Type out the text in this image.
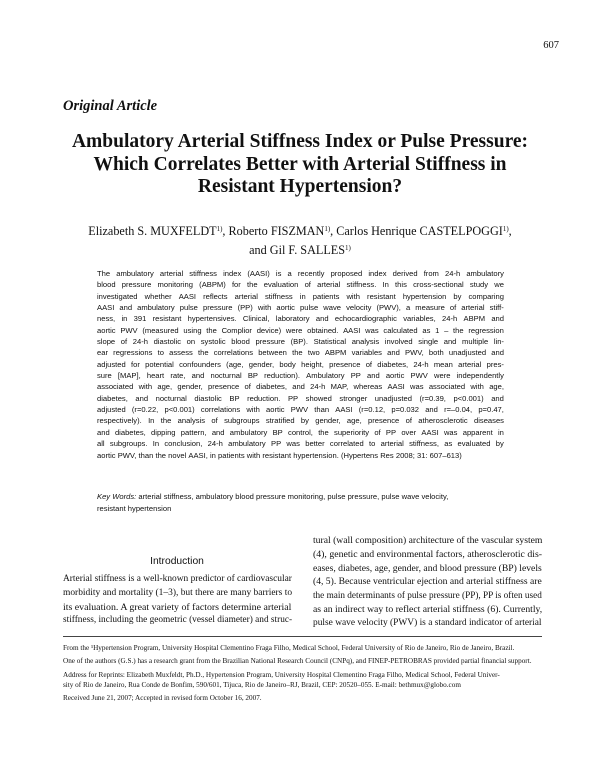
607
Original Article
Ambulatory Arterial Stiffness Index or Pulse Pressure:
Which Correlates Better with Arterial Stiffness in
Resistant Hypertension?
Elizabeth S. MUXFELDT$^{1)}$, Roberto FISZMAN$^{1)}$, Carlos Henrique CASTELPOGGI$^{1)}$,
and Gil F. SALLES$^{1)}$
The ambulatory arterial stiffness index (AASI) is a recently proposed index derived from 24-h ambulatory
blood pressure monitoring (ABPM) for the evaluation of arterial stiffness. In this cross-sectional study we
investigated whether AASI reflects arterial stiffness in patients with resistant hypertension by comparing
AASI and ambulatory pulse pressure (PP) with aortic pulse wave velocity (PWV), a measure of arterial stiff-
ness, in 391 resistant hypertensives. Clinical, laboratory and echocardiographic variables, 24-h ABPM and
aortic PWV (measured using the Complior device) were obtained. AASI was calculated as 1 – the regression
slope of 24-h diastolic on systolic blood pressure (BP). Statistical analysis involved single and multiple lin-
ear regressions to assess the correlations between the two ABPM variables and PWV, both unadjusted and
adjusted for potential confounders (age, gender, body height, presence of diabetes, 24-h mean arterial pres-
sure [MAP], heart rate, and nocturnal BP reduction). Ambulatory PP and aortic PWV were independently
associated with age, gender, presence of diabetes, and 24-h MAP, whereas AASI was associated with age,
diabetes, and nocturnal diastolic BP reduction. PP showed stronger unadjusted (r=0.39, p<0.001) and
adjusted (r=0.22, p<0.001) correlations with aortic PWV than AASI (r=0.12, p=0.032 and r=–0.04, p=0.47,
respectively). In the analysis of subgroups stratified by gender, age, presence of atherosclerotic diseases
and diabetes, dipping pattern, and ambulatory BP control, the superiority of PP over AASI was apparent in
all subgroups. In conclusion, 24-h ambulatory PP was better correlated to arterial stiffness, as evaluated by
aortic
PWV,
than
the
novel
AASI,
in
patients
with
resistant
hypertension.
(Hypertens
Res
2008;
31:
607–613)
Key Words: arterial stiffness, ambulatory blood pressure monitoring, pulse pressure, pulse wave velocity,
resistant hypertension
Introduction
Arterial stiffness is a well-known predictor of cardiovascular
morbidity and mortality (1–3), but there are many barriers to
its evaluation. A great variety of factors determine arterial
stiffness, including the geometric (vessel diameter) and struc-
tural (wall composition) architecture of the vascular system
(4), genetic and environmental factors, atherosclerotic dis-
eases, diabetes, age, gender, and blood pressure (BP) levels
(4, 5). Because ventricular ejection and arterial stiffness are
the main determinants of pulse pressure (PP), PP is often used
as an indirect way to reflect arterial stiffness (6). Currently,
pulse wave velocity (PWV) is a standard indicator of arterial

From the ¹Hypertension Program, University Hospital Clementino Fraga Filho, Medical School, Federal University of Rio de Janeiro, Rio de Janeiro, Brazil.

One of the authors (G.S.) has a research grant from the Brazilian National Research Council (CNPq), and FINEP-PETROBRAS provided partial financial support.

Address for Reprints: Elizabeth Muxfeldt, Ph.D., Hypertension Program, University Hospital Clementino Fraga Filho, Medical School, Federal Univer- sity of Rio de Janeiro, Rua Conde de Bonfim, 590/601, Tijuca, Rio de Janeiro–RJ, Brazil, CEP: 20520–055. E-mail: bethmux@globo.com

Received June 21, 2007; Accepted in revised form October 16, 2007.
